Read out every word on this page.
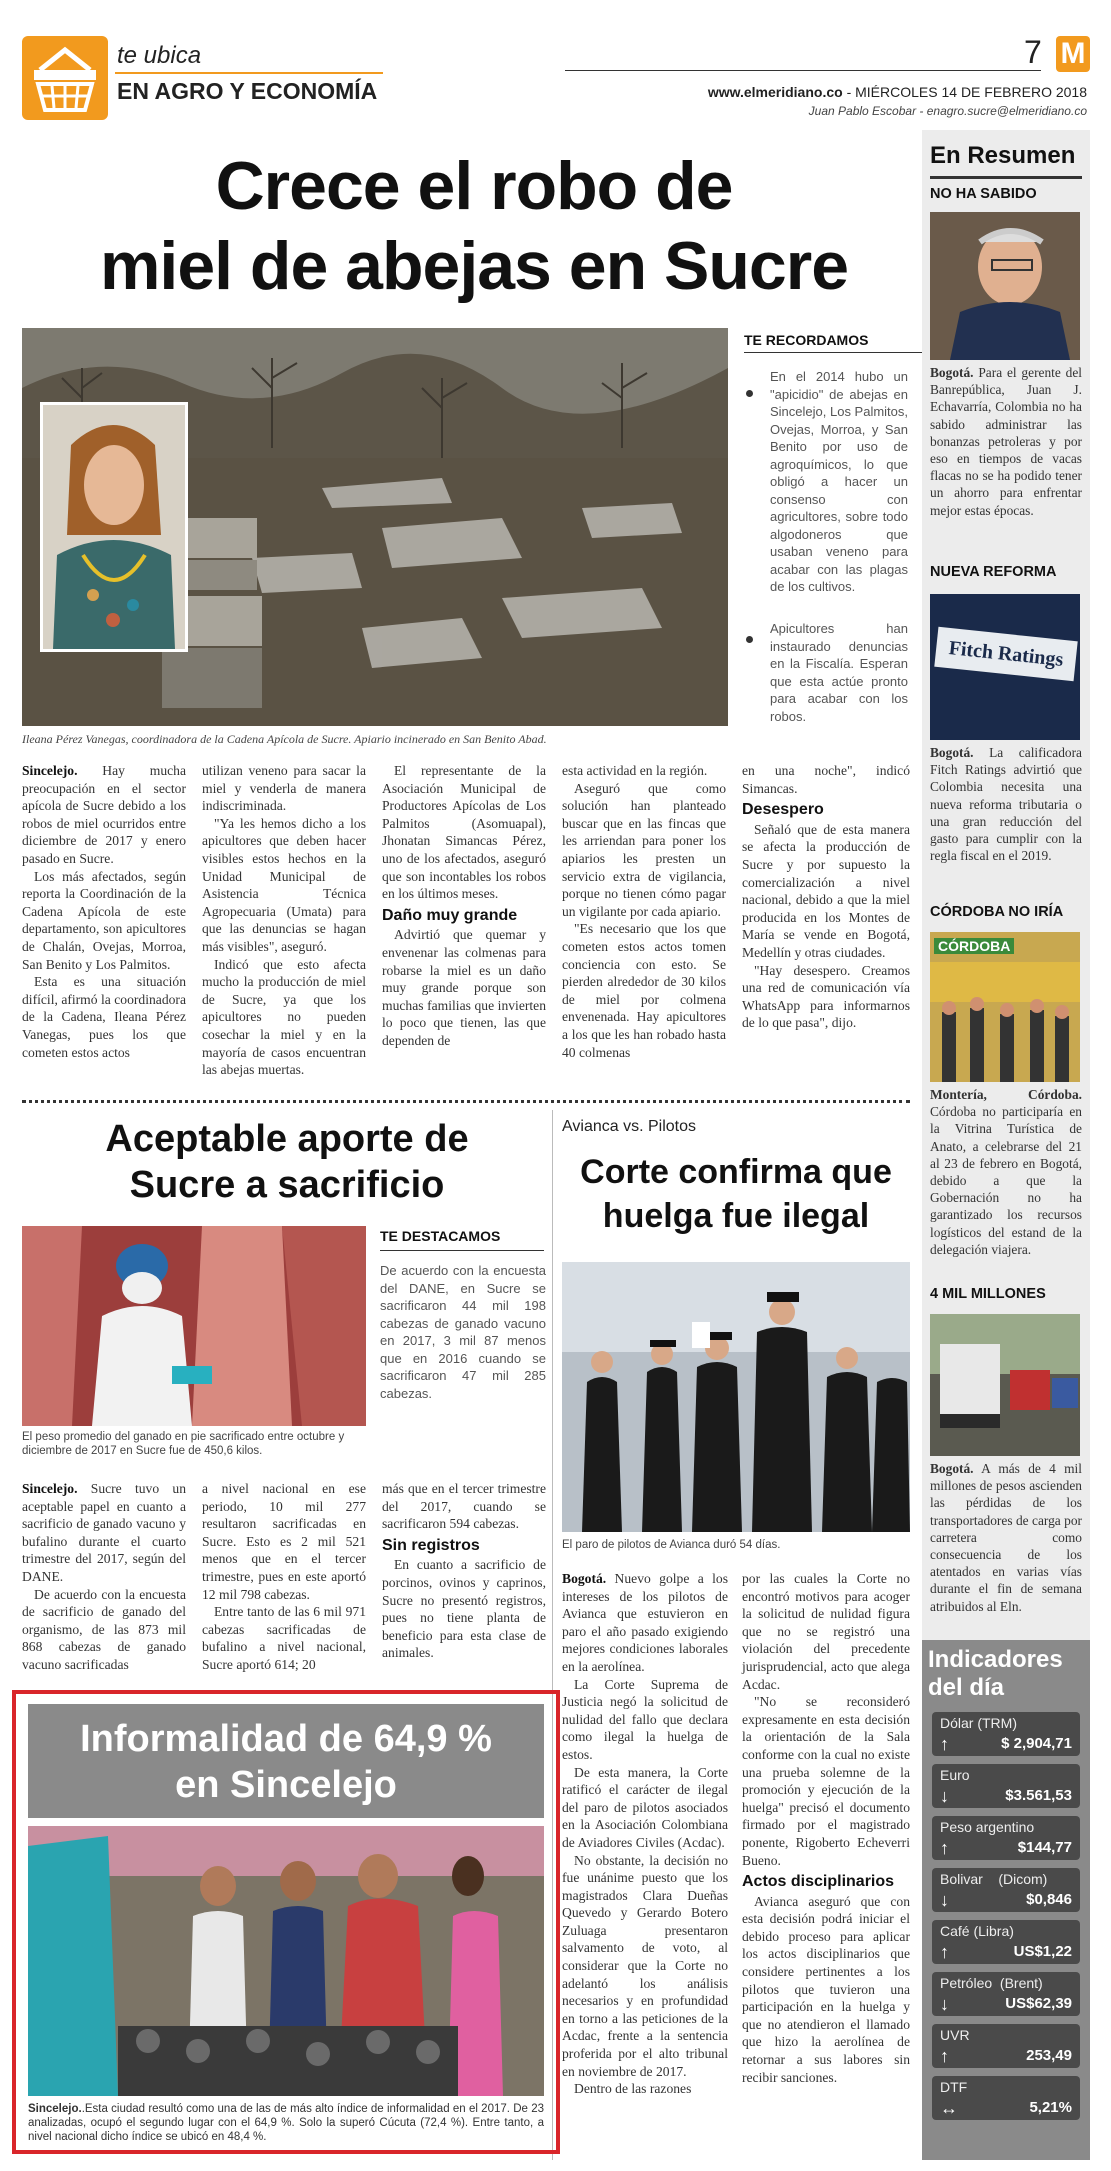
te ubica
EN AGRO Y ECONOMÍA
7 M
www.elmeridiano.co - MIÉRCOLES 14 DE FEBRERO 2018
Juan Pablo Escobar - enagro.sucre@elmeridiano.co
Crece el robo de
miel de abejas en Sucre
Ileana Pérez Vanegas, coordinadora de la Cadena Apícola de Sucre. Apiario incinerado en San Benito Abad.
TE RECORDAMOS
En el 2014 hubo un "apicidio" de abejas en Sincelejo, Los Palmitos, Ovejas, Morroa, y San Benito por uso de agroquímicos, lo que obligó a hacer un consenso con agricultores, sobre todo algodoneros que usaban veneno para acabar con las plagas de los cultivos.
Apicultores han instaurado denuncias en la Fiscalía. Esperan que esta actúe pronto para acabar con los robos.

Sincelejo. Hay mucha preocupación en el sector apícola de Sucre debido a los robos de miel ocurridos entre diciembre de 2017 y enero pasado en Sucre.

Los más afectados, según reporta la Coordinación de la Cadena Apícola de este departamento, son apicultores de Chalán, Ovejas, Morroa, San Benito y Los Palmitos.

Esta es una situación difícil, afirmó la coordinadora de la Cadena, Ileana Pérez Vanegas, pues los que cometen estos actos

utilizan veneno para sacar la miel y venderla de manera indiscriminada.

"Ya les hemos dicho a los apicultores que deben hacer visibles estos hechos en la Unidad Municipal de Asistencia Técnica Agropecuaria (Umata) para que las denuncias se hagan más visibles", aseguró.

Indicó que esto afecta mucho la producción de miel de Sucre, ya que los apicultores no pueden cosechar la miel y en la mayoría de casos encuentran las abejas muertas.

El representante de la Asociación Municipal de Productores Apícolas de Los Palmitos (Asomuapal), Jhonatan Simancas Pérez, uno de los afectados, aseguró que son incontables los robos en los últimos meses.

Daño muy grande

Advirtió que quemar y envenenar las colmenas para robarse la miel es un daño muy grande porque son muchas familias que invierten lo poco que tienen, las que dependen de

esta actividad en la región.

Aseguró que como solución han planteado buscar que en las fincas que les arriendan para poner los apiarios les presten un servicio extra de vigilancia, porque no tienen cómo pagar un vigilante por cada apiario.

"Es necesario que los que cometen estos actos tomen conciencia con esto. Se pierden alrededor de 30 kilos de miel por colmena envenenada. Hay apicultores a los que les han robado hasta 40 colmenas

en una noche", indicó Simancas.

Desespero

Señaló que de esta manera se afecta la producción de Sucre y por supuesto la comercialización a nivel nacional, debido a que la miel producida en los Montes de María se vende en Bogotá, Medellín y otras ciudades.

"Hay desespero. Creamos una red de comunicación vía WhatsApp para informarnos de lo que pasa", dijo.

Aceptable aporte de
Sucre a sacrificio
El peso promedio del ganado en pie sacrificado entre octubre y diciembre de 2017 en Sucre fue de 450,6 kilos.
TE DESTACAMOS
De acuerdo con la encuesta del DANE, en Sucre se sacrificaron 44 mil 198 cabezas de ganado vacuno en 2017, 3 mil 87 menos que en 2016 cuando se sacrificaron 47 mil 285 cabezas.

Sincelejo. Sucre tuvo un aceptable papel en cuanto a sacrificio de ganado vacuno y bufalino durante el cuarto trimestre del 2017, según del DANE.

De acuerdo con la encuesta de sacrificio de ganado del organismo, de las 873 mil 868 cabezas de ganado vacuno sacrificadas

a nivel nacional en ese periodo, 10 mil 277 resultaron sacrificadas en Sucre. Esto es 2 mil 521 menos que en el tercer trimestre, pues en este aportó 12 mil 798 cabezas.

Entre tanto de las 6 mil 971 cabezas sacrificadas de bufalino a nivel nacional, Sucre aportó 614; 20

más que en el tercer trimestre del 2017, cuando se sacrificaron 594 cabezas.

Sin registros

En cuanto a sacrificio de porcinos, ovinos y caprinos, Sucre no presentó registros, pues no tiene planta de beneficio para esta clase de animales.

Informalidad de 64,9 %
en Sincelejo
Sincelejo..Esta ciudad resultó como una de las de más alto índice de informalidad en el 2017. De 23 analizadas, ocupó el segundo lugar con el 64,9 %. Solo la superó Cúcuta (72,4 %). Entre tanto, a nivel nacional dicho índice se ubicó en 48,4 %.
Avianca vs. Pilotos
Corte confirma que
huelga fue ilegal
El paro de pilotos de Avianca duró 54 días.

Bogotá. Nuevo golpe a los intereses de los pilotos de Avianca que estuvieron en paro el año pasado exigiendo mejores condiciones laborales en la aerolínea.

La Corte Suprema de Justicia negó la solicitud de nulidad del fallo que declara como ilegal la huelga de estos.

De esta manera, la Corte ratificó el carácter de ilegal del paro de pilotos asociados en la Asociación Colombiana de Aviadores Civiles (Acdac).

No obstante, la decisión no fue unánime puesto que los magistrados Clara Dueñas Quevedo y Gerardo Botero Zuluaga presentaron salvamento de voto, al considerar que la Corte no adelantó los análisis necesarios y en profundidad en torno a las peticiones de la Acdac, frente a la sentencia proferida por el alto tribunal en noviembre de 2017.

Dentro de las razones

por las cuales la Corte no encontró motivos para acoger la solicitud de nulidad figura que no se registró una violación del precedente jurisprudencial, acto que alega Acdac.

"No se reconsideró expresamente en esta decisión la orientación de la Sala conforme con la cual no existe una prueba solemne de la promoción y ejecución de la huelga" precisó el documento firmado por el magistrado ponente, Rigoberto Echeverri Bueno.

Actos disciplinarios

Avianca aseguró que con esta decisión podrá iniciar el debido proceso para aplicar los actos disciplinarios que considere pertinentes a los pilotos que tuvieron una participación en la huelga y que no atendieron el llamado que hizo la aerolínea de retornar a sus labores sin recibir sanciones.

En Resumen
NO HA SABIDO
Bogotá. Para el gerente del Banrepública, Juan J. Echavarría, Colombia no ha sabido administrar las bonanzas petroleras y por eso en tiempos de vacas flacas no se ha podido tener un ahorro para enfrentar mejor estas épocas.
NUEVA REFORMA
Fitch Ratings
Bogotá. La calificadora Fitch Ratings advirtió que Colombia necesita una nueva reforma tributaria o una gran reducción del gasto para cumplir con la regla fiscal en el 2019.
CÓRDOBA NO IRÍA
CÓRDOBA
Montería, Córdoba. Córdoba no participaría en la Vitrina Turística de Anato, a celebrarse del 21 al 23 de febrero en Bogotá, debido a que la Gobernación no ha garantizado los recursos logísticos del estand de la delegación viajera.
4 MIL MILLONES
Bogotá. A más de 4 mil millones de pesos ascienden las pérdidas de los transportadores de carga por carretera como consecuencia de los atentados en varias vías durante el fin de semana atribuidos al Eln.
Indicadores
del día
Dólar (TRM)
↑	$ 2,904,71
Euro
↓	$3.561,53
Peso argentino
↑	$144,77
Bolivar    (Dicom)
↓	$0,846
Café (Libra)
↑	US$1,22
Petróleo  (Brent)
↓	US$62,39
UVR
↑	253,49
DTF
↔	5,21%
